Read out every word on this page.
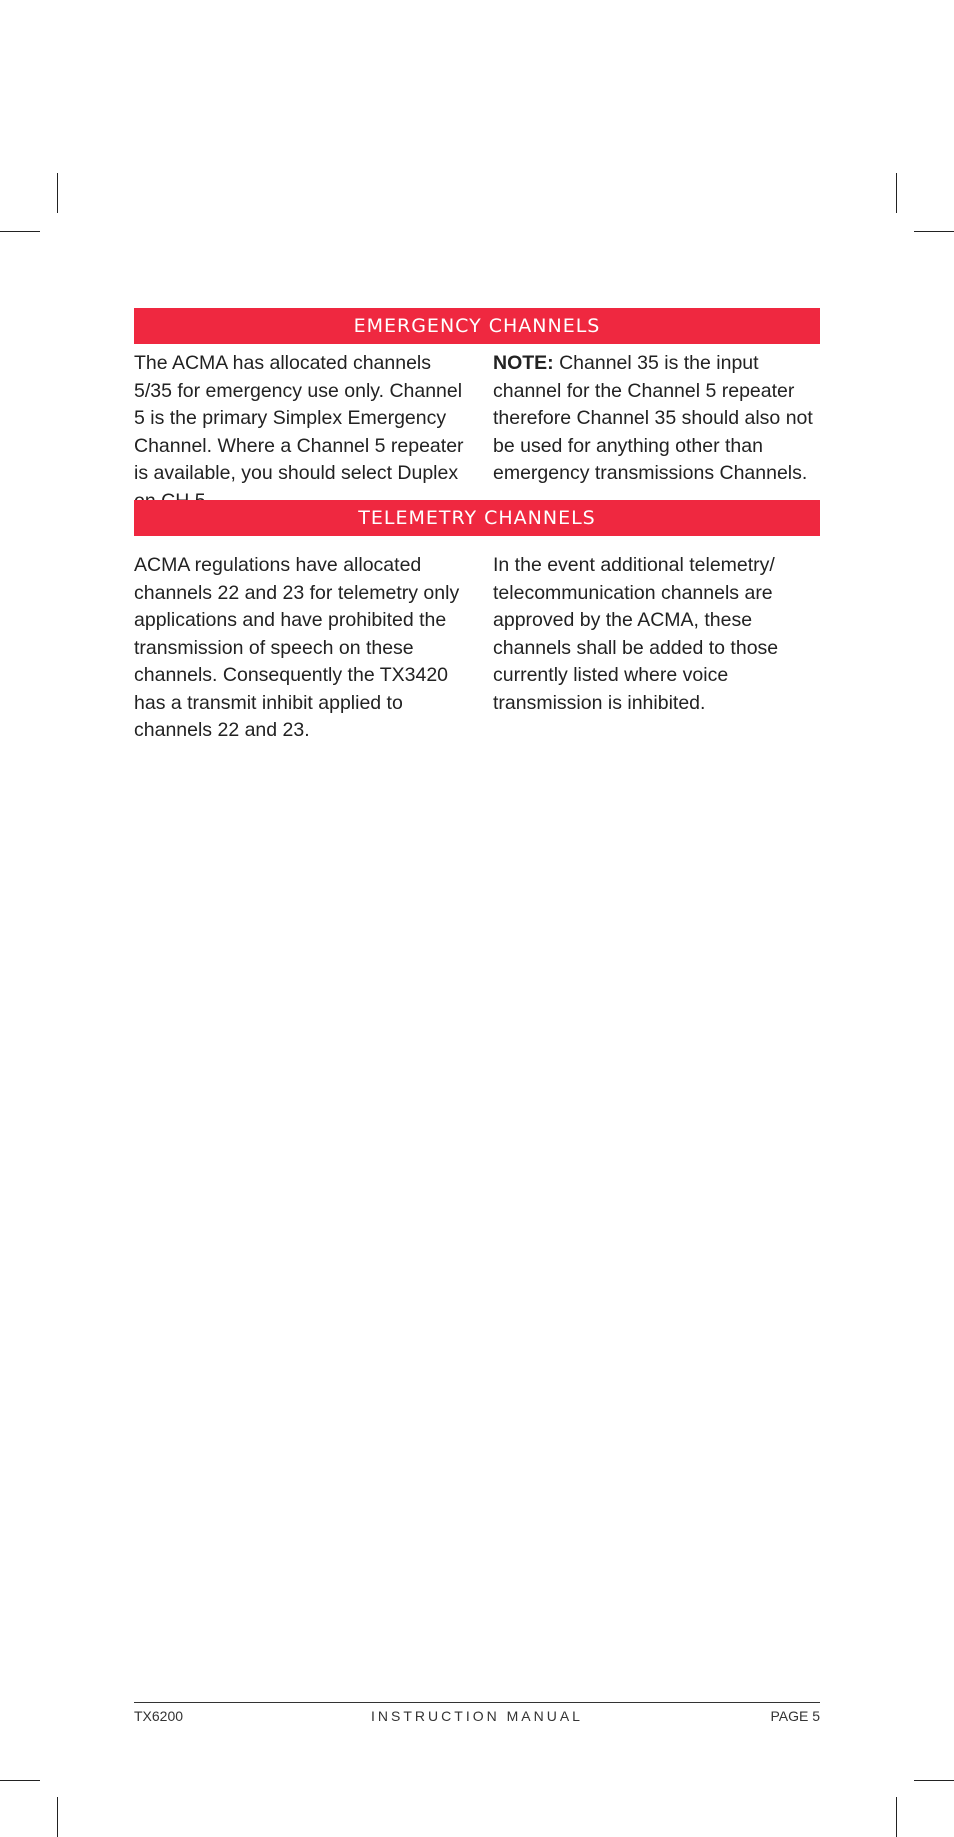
EMERGENCY CHANNELS
The ACMA has allocated channels 5/35 for emergency use only. Channel 5 is the primary Simplex Emergency Channel. Where a Channel 5 repeater is available, you should select Duplex
NOTE: Channel 35 is the input channel for the Channel 5 repeater therefore Channel 35 should also not be used for anything other than emergency transmissions Channels.
TELEMETRY CHANNELS
ACMA regulations have allocated channels 22 and 23 for telemetry only applications and have prohibited the transmission of speech on these channels. Consequently the TX3420 has a transmit inhibit applied to channels 22 and 23.
In the event additional telemetry/ telecommunication channels are approved by the ACMA, these channels shall be added to those currently listed where voice transmission is inhibited.
TX6200	INSTRUCTION MANUAL	PAGE 5
